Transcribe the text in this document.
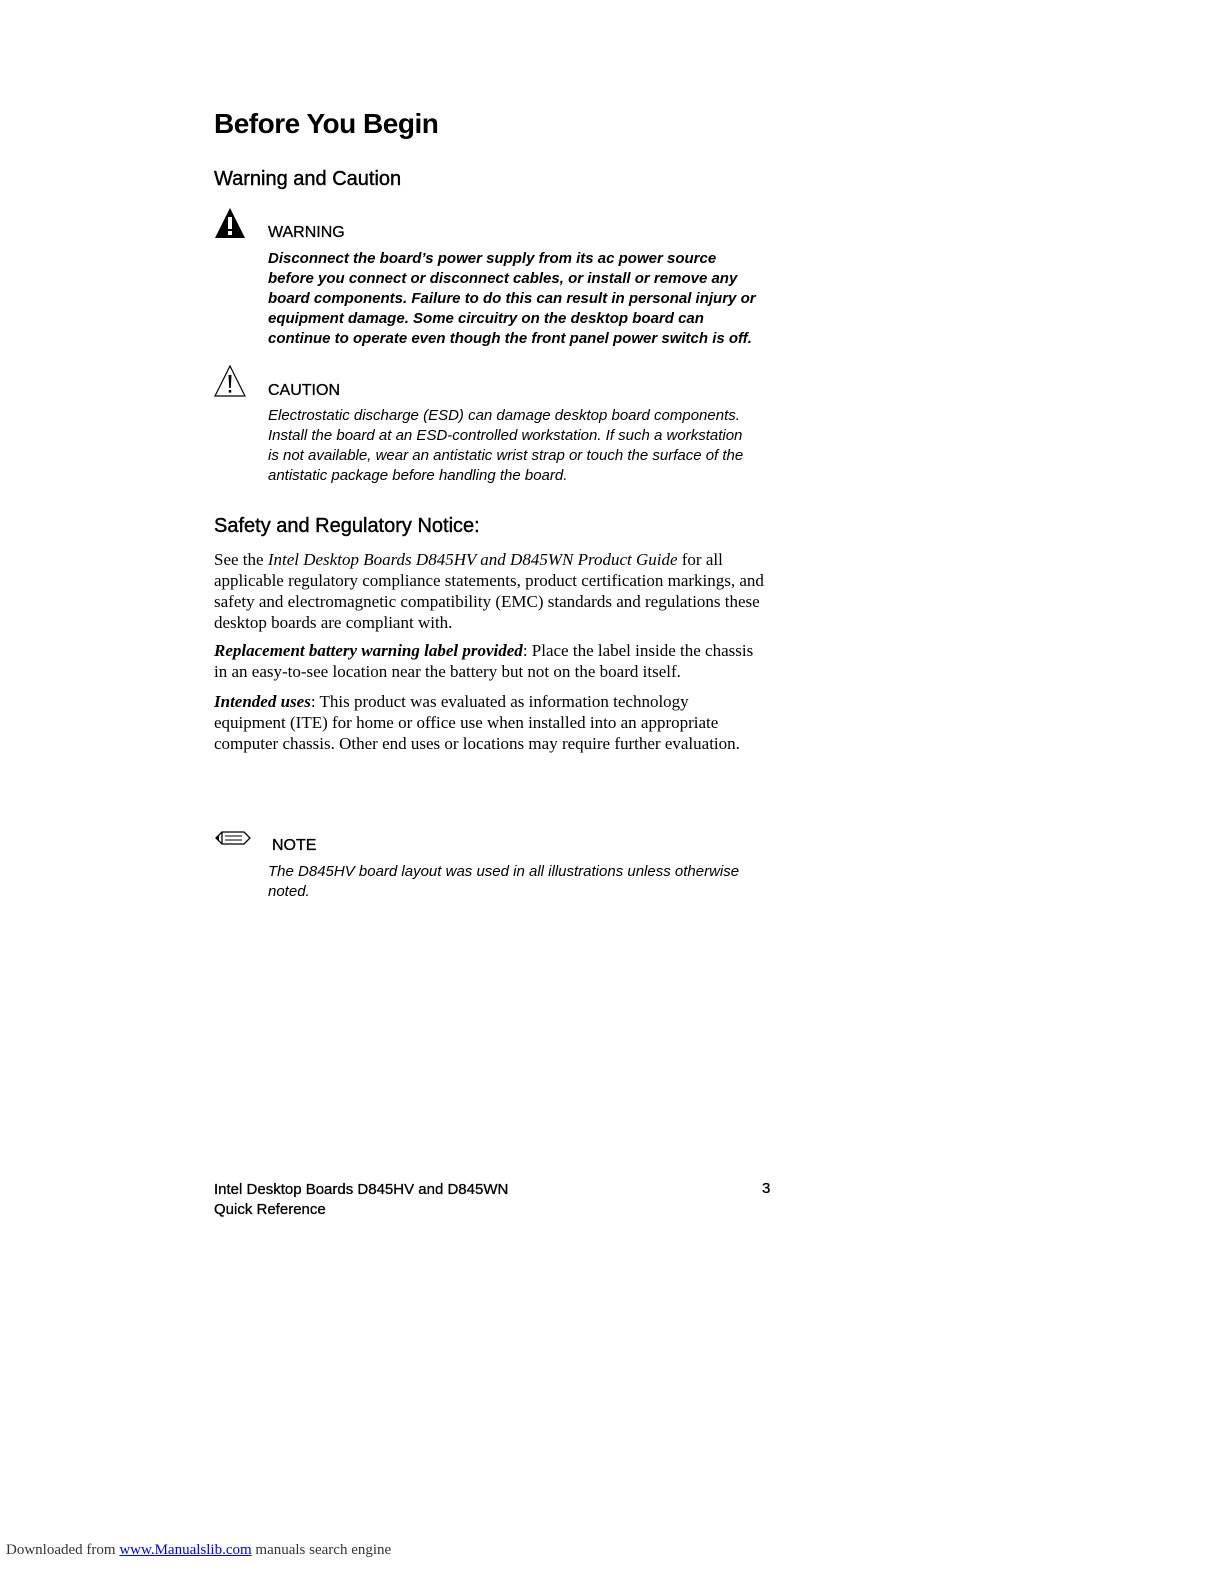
Before You Begin
Warning and Caution

WARNING

Disconnect the board’s power supply from its ac power source
before you connect or disconnect cables, or install or remove any
board components. Failure to do this can result in personal injury or
equipment damage. Some circuitry on the desktop board can
continue to operate even though the front panel power switch is off.

CAUTION

Electrostatic discharge (ESD) can damage desktop board components.
Install the board at an ESD-controlled workstation. If such a workstation
is not available, wear an antistatic wrist strap or touch the surface of the
antistatic package before handling the board.

Safety and Regulatory Notice:

See the Intel Desktop Boards D845HV and D845WN Product Guide for all
applicable regulatory compliance statements, product certification markings, and
safety and electromagnetic compatibility (EMC) standards and regulations these
desktop boards are compliant with.

Replacement battery warning label provided: Place the label inside the chassis
in an easy-to-see location near the battery but not on the board itself.

Intended uses: This product was evaluated as information technology
equipment (ITE) for home or office use when installed into an appropriate
computer chassis. Other end uses or locations may require further evaluation.

NOTE

The D845HV board layout was used in all illustrations unless otherwise
noted.

Intel Desktop Boards D845HV and D845WN
Quick Reference

3

Downloaded from www.Manualslib.com manuals search engine
